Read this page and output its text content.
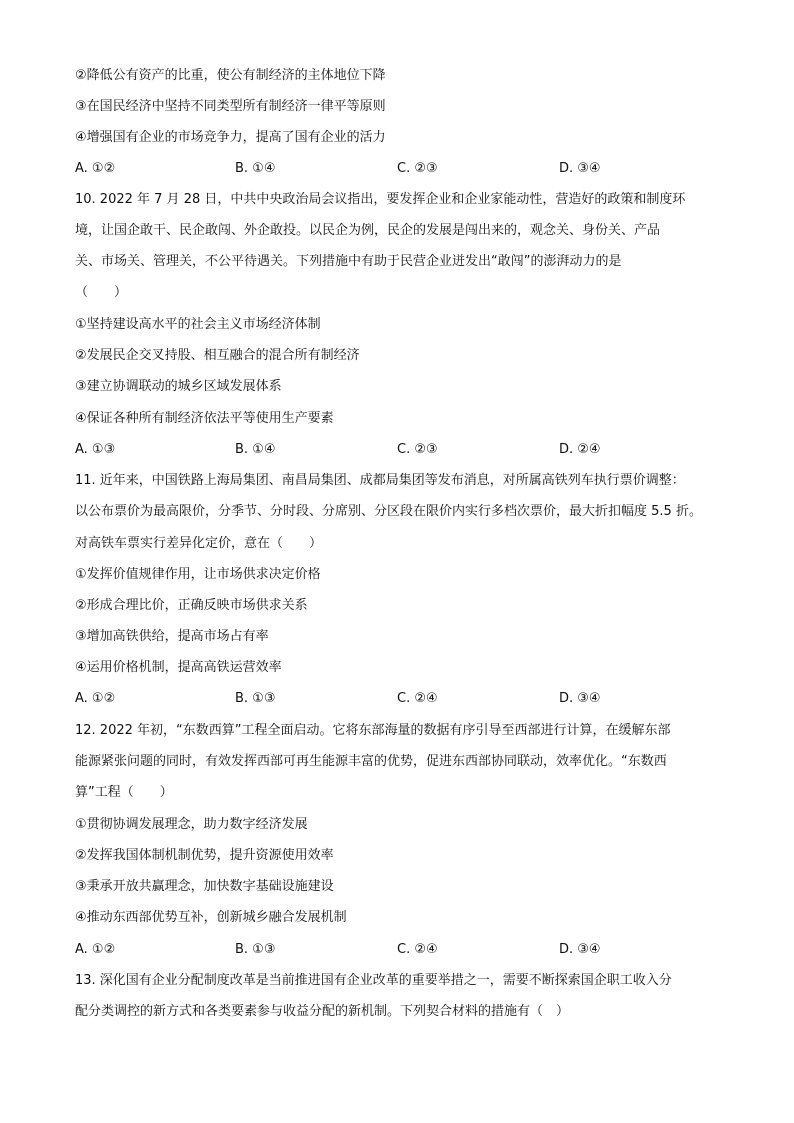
②降低公有资产的比重，使公有制经济的主体地位下降
③在国民经济中坚持不同类型所有制经济一律平等原则
④增强国有企业的市场竞争力，提高了国有企业的活力
A. ①②	B. ①④	C. ②③	D. ③④
10. 2022 年 7 月 28 日，中共中央政治局会议指出，要发挥企业和企业家能动性，营造好的政策和制度环
境，让国企敢干、民企敢闯、外企敢投。以民企为例，民企的发展是闯出来的，观念关、身份关、产品
关、市场关、管理关，不公平待遇关。下列措施中有助于民营企业迸发出“敢闯”的澎湃动力的是
（　　）
①坚持建设高水平的社会主义市场经济体制
②发展民企交叉持股、相互融合的混合所有制经济
③建立协调联动的城乡区域发展体系
④保证各种所有制经济依法平等使用生产要素
A. ①③	B. ①④	C. ②③	D. ②④
11. 近年来，中国铁路上海局集团、南昌局集团、成都局集团等发布消息，对所属高铁列车执行票价调整：
以公布票价为最高限价，分季节、分时段、分席别、分区段在限价内实行多档次票价，最大折扣幅度 5.5 折。
对高铁车票实行差异化定价，意在（　　）
①发挥价值规律作用，让市场供求决定价格
②形成合理比价，正确反映市场供求关系
③增加高铁供给，提高市场占有率
④运用价格机制，提高高铁运营效率
A. ①②	B. ①③	C. ②④	D. ③④
12. 2022 年初，“东数西算”工程全面启动。它将东部海量的数据有序引导至西部进行计算，在缓解东部
能源紧张问题的同时，有效发挥西部可再生能源丰富的优势，促进东西部协同联动，效率优化。“东数西
算”工程（　　）
①贯彻协调发展理念，助力数字经济发展
②发挥我国体制机制优势，提升资源使用效率
③秉承开放共赢理念，加快数字基础设施建设
④推动东西部优势互补，创新城乡融合发展机制
A. ①②	B. ①③	C. ②④	D. ③④
13. 深化国有企业分配制度改革是当前推进国有企业改革的重要举措之一，需要不断探索国企职工收入分
配分类调控的新方式和各类要素参与收益分配的新机制。下列契合材料的措施有（　）
